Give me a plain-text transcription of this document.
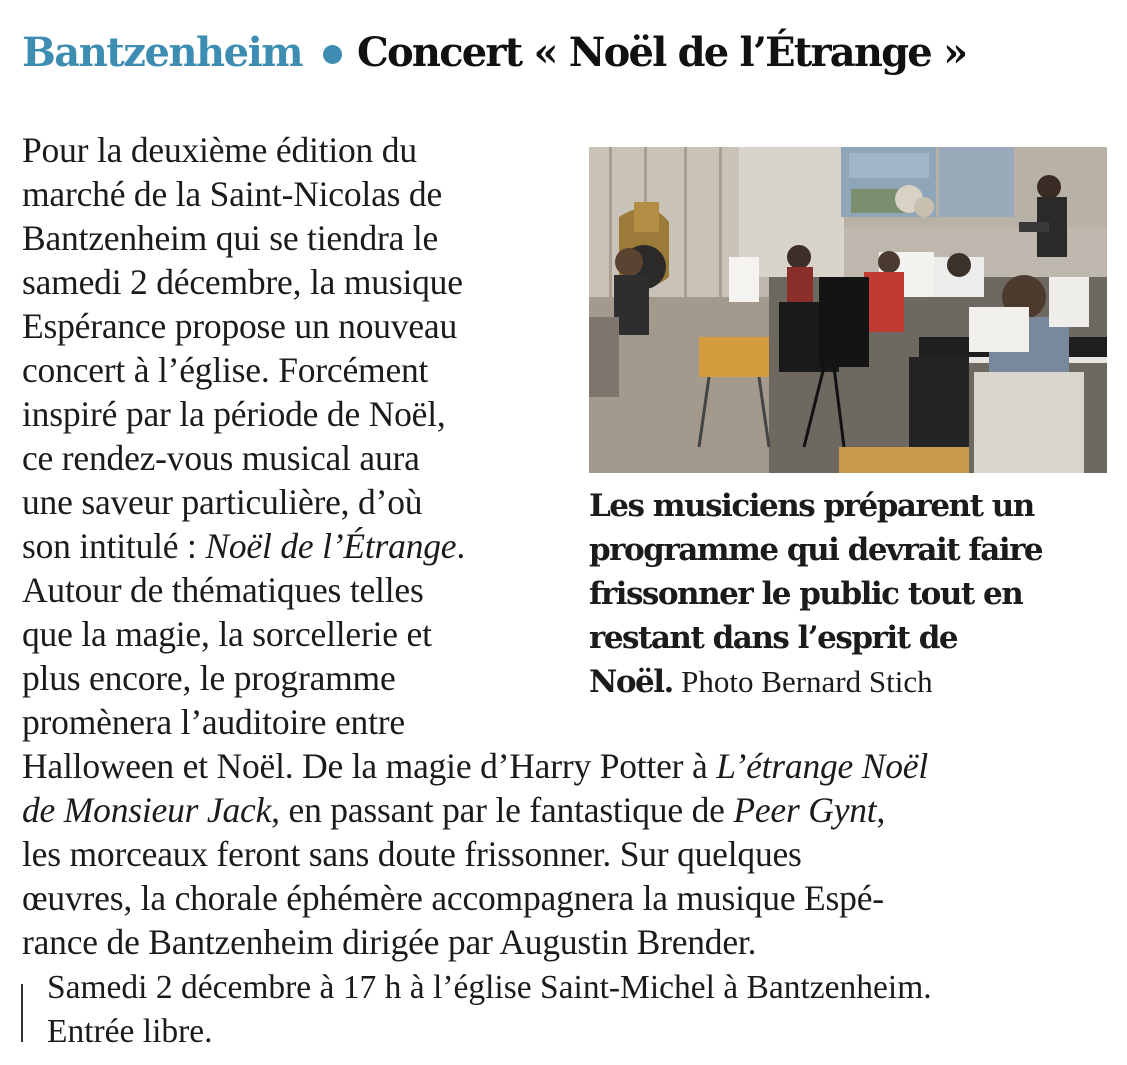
Bantzenheim Concert « Noël de l’Étrange »
Pour la deuxième édition du
marché de la Saint-Nicolas de
Bantzenheim qui se tiendra le
samedi 2 décembre, la musique
Espérance propose un nouveau
concert à l’église. Forcément
inspiré par la période de Noël,
ce rendez-vous musical aura
une saveur particulière, d’où
son intitulé : Noël de l’Étrange.
Autour de thématiques telles
que la magie, la sorcellerie et
plus encore, le programme
promènera l’auditoire entre
Halloween et Noël. De la magie d’Harry Potter à L’étrange Noël
de Monsieur Jack, en passant par le fantastique de Peer Gynt,
les morceaux feront sans doute frissonner. Sur quelques
œuvres, la chorale éphémère accompagnera la musique Espé-
rance de Bantzenheim dirigée par Augustin Brender.
Les musiciens préparent un
programme qui devrait faire
frissonner le public tout en
restant dans l’esprit de
Noël. Photo Bernard Stich
Samedi 2 décembre à 17 h à l’église Saint-Michel à Bantzenheim.
Entrée libre.
